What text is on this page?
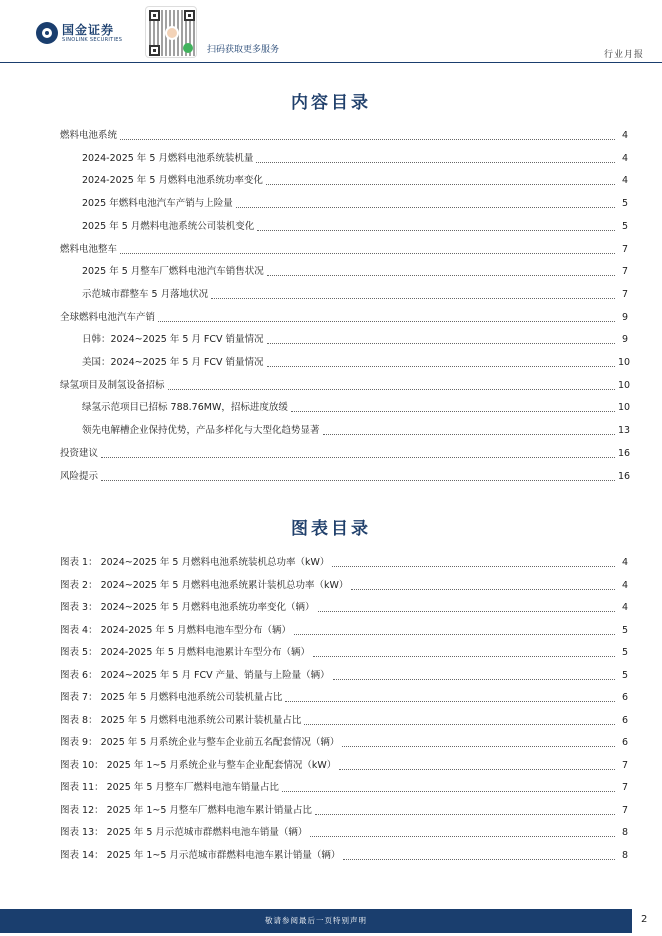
国金证券
SINOLINK SECURITIES
扫码获取更多服务	行业月报
内容目录
燃料电池系统	4
2024-2025 年 5 月燃料电池系统装机量	4
2024-2025 年 5 月燃料电池系统功率变化	4
2025 年燃料电池汽车产销与上险量	5
2025 年 5 月燃料电池系统公司装机变化	5
燃料电池整车	7
2025 年 5 月整车厂燃料电池汽车销售状况	7
示范城市群整车 5 月落地状况	7
全球燃料电池汽车产销	9
日韩：2024~2025 年 5 月 FCV 销量情况	9
美国：2024~2025 年 5 月 FCV 销量情况	10
绿氢项目及制氢设备招标	10
绿氢示范项目已招标 788.76MW，招标进度放缓	10
领先电解槽企业保持优势，产品多样化与大型化趋势显著	13
投资建议	16
风险提示	16
图表目录
图表 1： 2024~2025 年 5 月燃料电池系统装机总功率（kW）	4
图表 2： 2024~2025 年 5 月燃料电池系统累计装机总功率（kW）	4
图表 3： 2024~2025 年 5 月燃料电池系统功率变化（辆）	4
图表 4： 2024-2025 年 5 月燃料电池车型分布（辆）	5
图表 5： 2024-2025 年 5 月燃料电池累计车型分布（辆）	5
图表 6： 2024~2025 年 5 月 FCV 产量、销量与上险量（辆）	5
图表 7： 2025 年 5 月燃料电池系统公司装机量占比	6
图表 8： 2025 年 5 月燃料电池系统公司累计装机量占比	6
图表 9： 2025 年 5 月系统企业与整车企业前五名配套情况（辆）	6
图表 10： 2025 年 1~5 月系统企业与整车企业配套情况（kW）	7
图表 11： 2025 年 5 月整车厂燃料电池车销量占比	7
图表 12： 2025 年 1~5 月整车厂燃料电池车累计销量占比	7
图表 13： 2025 年 5 月示范城市群燃料电池车销量（辆）	8
图表 14： 2025 年 1~5 月示范城市群燃料电池车累计销量（辆）	8
敬请参阅最后一页特别声明	2
